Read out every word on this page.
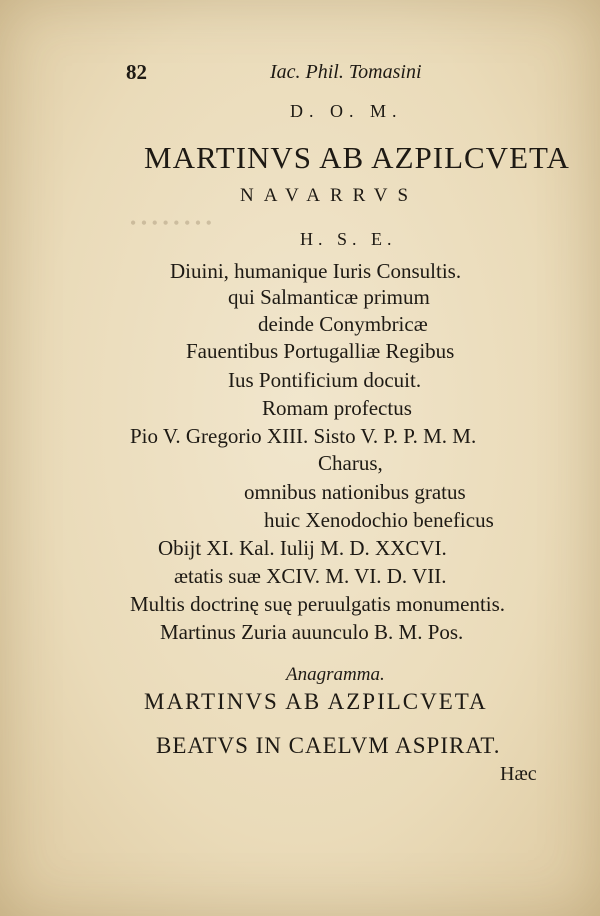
• • • • • • • •
82	Iac. Phil. Tomasini
D. O. M.
MARTINVS AB AZPILCVETA
NAVARRVS
H. S. E.
Diuini, humanique Iuris Consultis.
qui Salmanticæ primum
deinde Conymbricæ
Fauentibus Portugalliæ Regibus
Ius Pontificium docuit.
Romam profectus
Pio V. Gregorio XIII. Sisto V. P. P. M. M.
Charus,
omnibus nationibus gratus
huic Xenodochio beneficus
Obijt XI. Kal. Iulij M. D. XXCVI.
ætatis suæ XCIV. M. VI. D. VII.
Multis doctrinę suę peruulgatis monumentis.
Martinus Zuria auunculo B. M. Pos.
Anagramma.
MARTINVS AB AZPILCVETA
BEATVS IN CAELVM ASPIRAT.
Hæc
